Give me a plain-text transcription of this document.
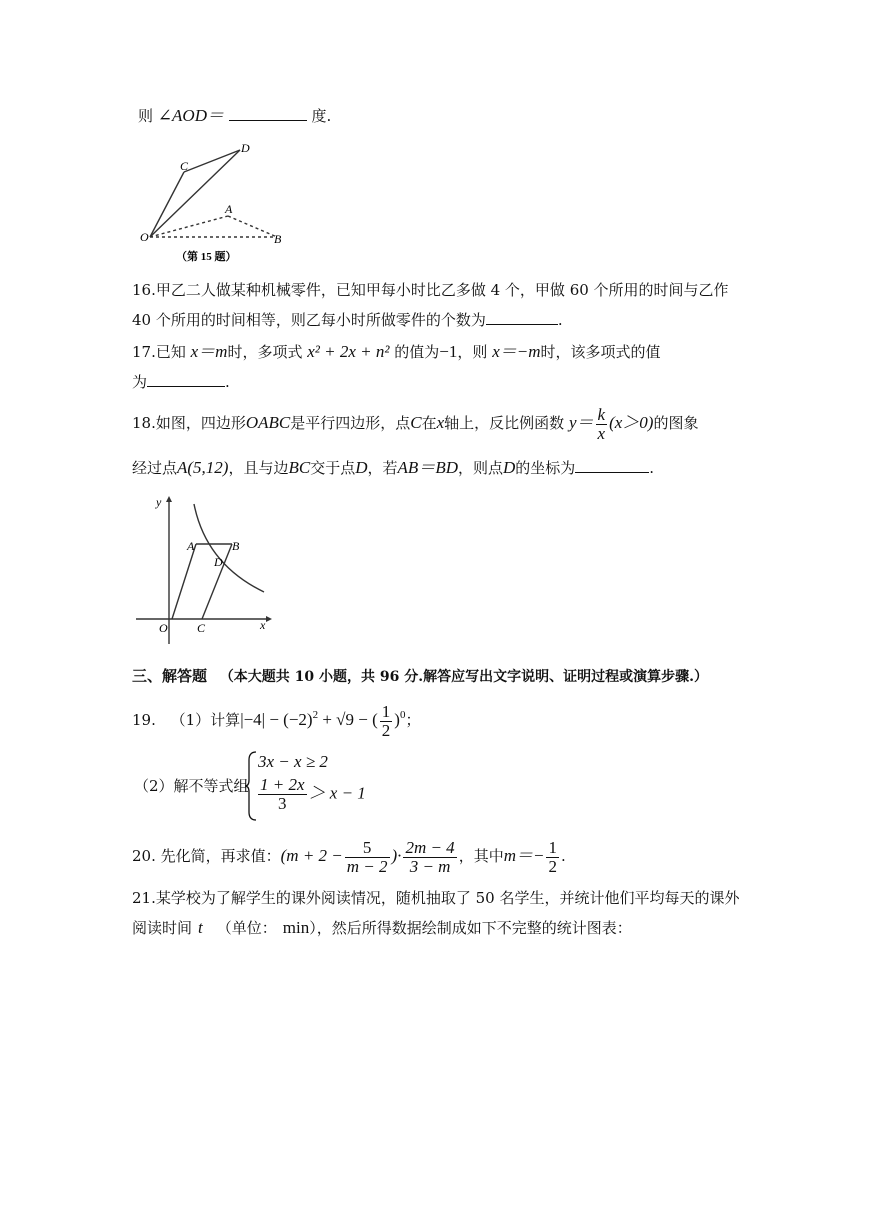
则 ∠AOD＝	度.
O
C
D
A
B
（第 15 题）
16.甲乙二人做某种机械零件，已知甲每小时比乙多做 4 个，甲做 60 个所用的时间与乙作
40 个所用的时间相等，则乙每小时所做零件的个数为	.
17.已知 x＝m时，多项式 x² + 2x + n² 的值为−1，则 x＝−m时，该多项式的值
为	.
18.如图，四边形OABC是平行四边形，点C在x轴上，反比例函数 $y= \frac{k}{x} (x>0)$的图象
经过点A(5,12)，且与边BC交于点D，若AB＝BD，则点D的坐标为	.
y
x
O C
A	B
D
三、解答题 （本大题共 10 小题，共 96 分.解答应写出文字说明、证明过程或演算步骤.）
19. （1）计算$|-4| - (-2)^2 + √9$ − ( $\frac{1}{2} )^0$；
（2）解不等式组
3x − x ≥ 2
$\frac{1 + 2x}{3} > x - 1$
20. 先化简，再求值：($m + 2 - \frac{5}{m - 2}$ )· $\frac{2m - 4}{3 - m}$ ，其中$m=- \frac{1}{2}$ .
21.某学校为了解学生的课外阅读情况，随机抽取了 50 名学生，并统计他们平均每天的课外
阅读时间 t （单位： min），然后所得数据绘制成如下不完整的统计图表：
